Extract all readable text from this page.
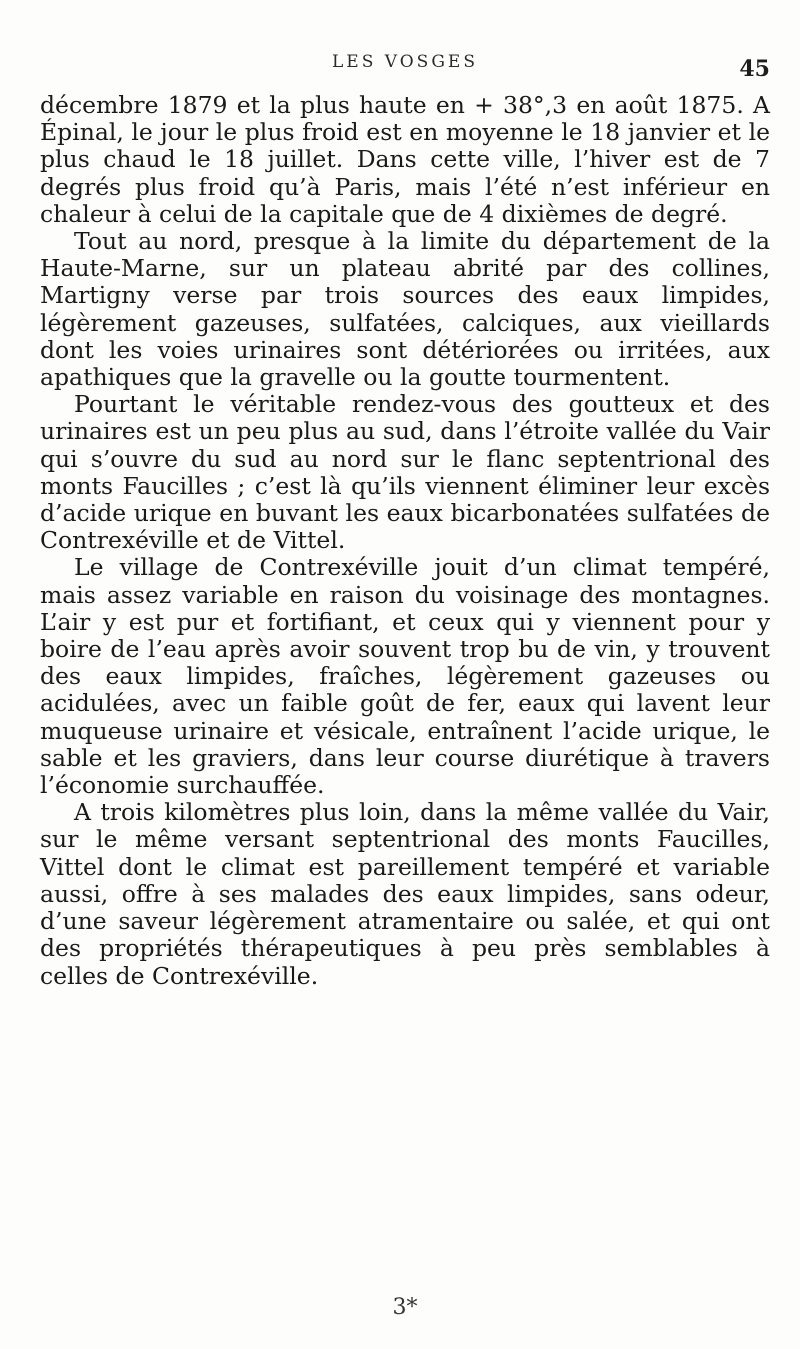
LES VOSGES	45

décembre 1879 et la plus haute en + 38°,3 en août 1875. A Épinal, le jour le plus froid est en moyenne le 18 janvier et le plus chaud le 18 juillet. Dans cette ville, l’hiver est de 7 degrés plus froid qu’à Paris, mais l’été n’est inférieur en chaleur à celui de la capitale que de 4 dixièmes de degré.

Tout au nord, presque à la limite du département de la Haute-Marne, sur un plateau abrité par des collines, Martigny verse par trois sources des eaux limpides, légèrement gazeuses, sulfatées, calciques, aux vieillards dont les voies urinaires sont détériorées ou irritées, aux apathiques que la gravelle ou la goutte tourmentent.

Pourtant le véritable rendez-vous des goutteux et des urinaires est un peu plus au sud, dans l’étroite vallée du Vair qui s’ouvre du sud au nord sur le flanc septentrional des monts Faucilles ; c’est là qu’ils viennent éliminer leur excès d’acide urique en buvant les eaux bicarbonatées sulfatées de Contrexéville et de Vittel.

Le village de Contrexéville jouit d’un climat tempéré, mais assez variable en raison du voisinage des montagnes. L’air y est pur et fortifiant, et ceux qui y viennent pour y boire de l’eau après avoir souvent trop bu de vin, y trouvent des eaux limpides, fraîches, légèrement gazeuses ou acidulées, avec un faible goût de fer, eaux qui lavent leur muqueuse urinaire et vésicale, entraînent l’acide urique, le sable et les graviers, dans leur course diurétique à travers l’économie surchauffée.

A trois kilomètres plus loin, dans la même vallée du Vair, sur le même versant septentrional des monts Faucilles, Vittel dont le climat est pareillement tempéré et variable aussi, offre à ses malades des eaux limpides, sans odeur, d’une saveur légèrement atramentaire ou salée, et qui ont des propriétés thérapeutiques à peu près semblables à celles de Contrexéville.

3*
